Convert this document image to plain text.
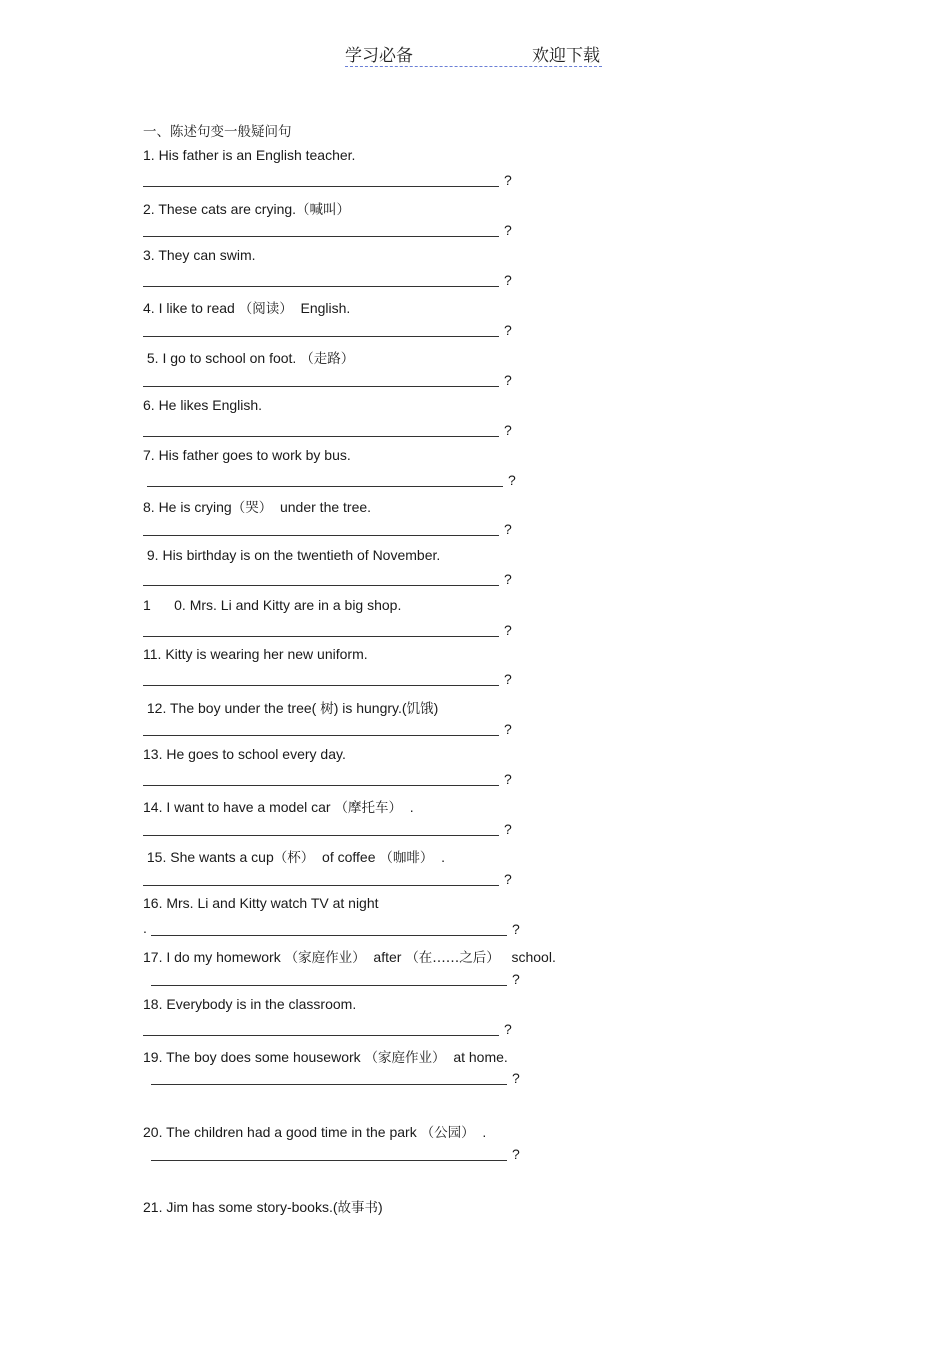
学习必备	欢迎下载
一、陈述句变一般疑问句
1. His father is an English teacher.
?
2. These cats are crying.（喊叫）
?
3. They can swim.
?
4. I like to read （阅读）  English.
?
5. I go to school on foot. （走路）
?
6. He likes English.
?
7. His father goes to work by bus.
?
8. He is crying（哭）  under the tree.
?
9. His birthday is on the twentieth of November.
?
1      0. Mrs. Li and Kitty are in a big shop.
?
11. Kitty is wearing her new uniform.
?
12. The boy under the tree( 树) is hungry.(饥饿)
?
13. He goes to school every day.
?
14. I want to have a model car （摩托车）  .
?
15. She wants a cup（杯）  of coffee （咖啡）  .
?
16. Mrs. Li and Kitty watch TV at night
.	?
17. I do my homework （家庭作业）  after （在……之后）   school.
?
18. Everybody is in the classroom.
?
19. The boy does some housework （家庭作业）  at home.
?
20. The children had a good time in the park （公园）  .
?
21. Jim has some story-books.(故事书)
